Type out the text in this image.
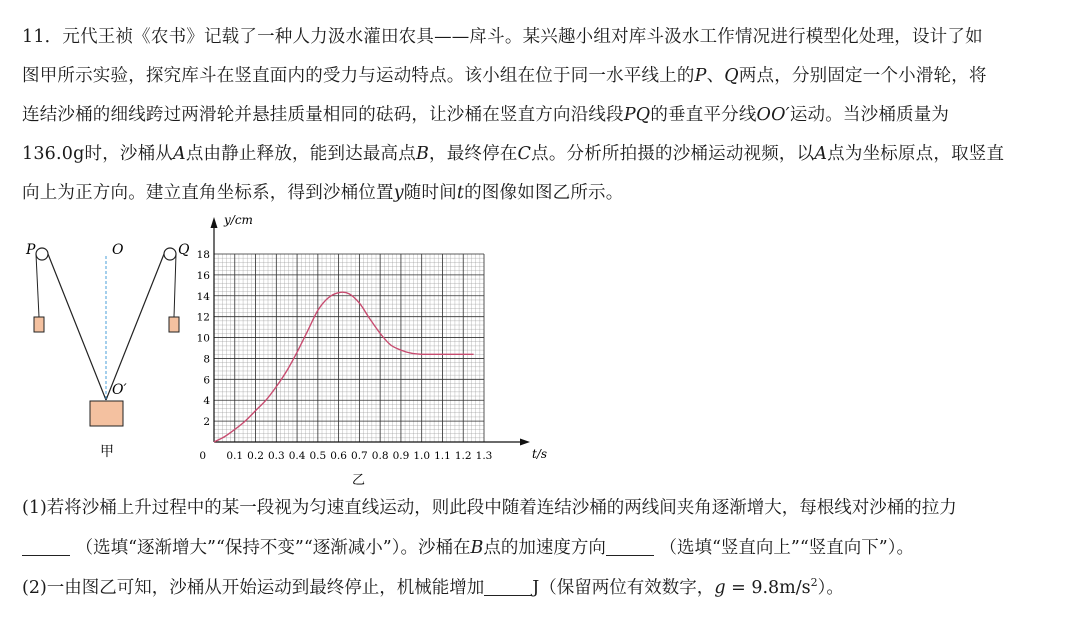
11．元代王祯《农书》记载了一种人力汲水灌田农具——戽斗。某兴趣小组对库斗汲水工作情况进行模型化处理，设计了如

图甲所示实验，探究库斗在竖直面内的受力与运动特点。该小组在位于同一水平线上的P、Q两点，分别固定一个小滑轮，将

连结沙桶的细线跨过两滑轮并悬挂质量相同的砝码，让沙桶在竖直方向沿线段PQ的垂直平分线OO′运动。当沙桶质量为

136.0g时，沙桶从A点由静止释放，能到达最高点B，最终停在C点。分析所拍摄的沙桶运动视频，以A点为坐标原点，取竖直

向上为正方向。建立直角坐标系，得到沙桶位置y随时间t的图像如图乙所示。

P	O	Q
O′
甲	0 0.1 0.2 0.3 0.4 0.5 0.6 0.7 0.8 0.9 1.0 1.1 1.2 1.3
2
4
6
8
10
12
14
16
18
y/cm
t/s
乙
(1)若将沙桶上升过程中的某一段视为匀速直线运动，则此段中随着连结沙桶的两线间夹角逐渐增大，每根线对沙桶的拉力
（选填“逐渐增大”“保持不变”“逐渐减小”）。沙桶在B点的加速度方向	（选填“竖直向上”“竖直向下”）。
(2)一由图乙可知，沙桶从开始运动到最终停止，机械能增加	J（保留两位有效数字，$g = 9.8m/s^2$）。
